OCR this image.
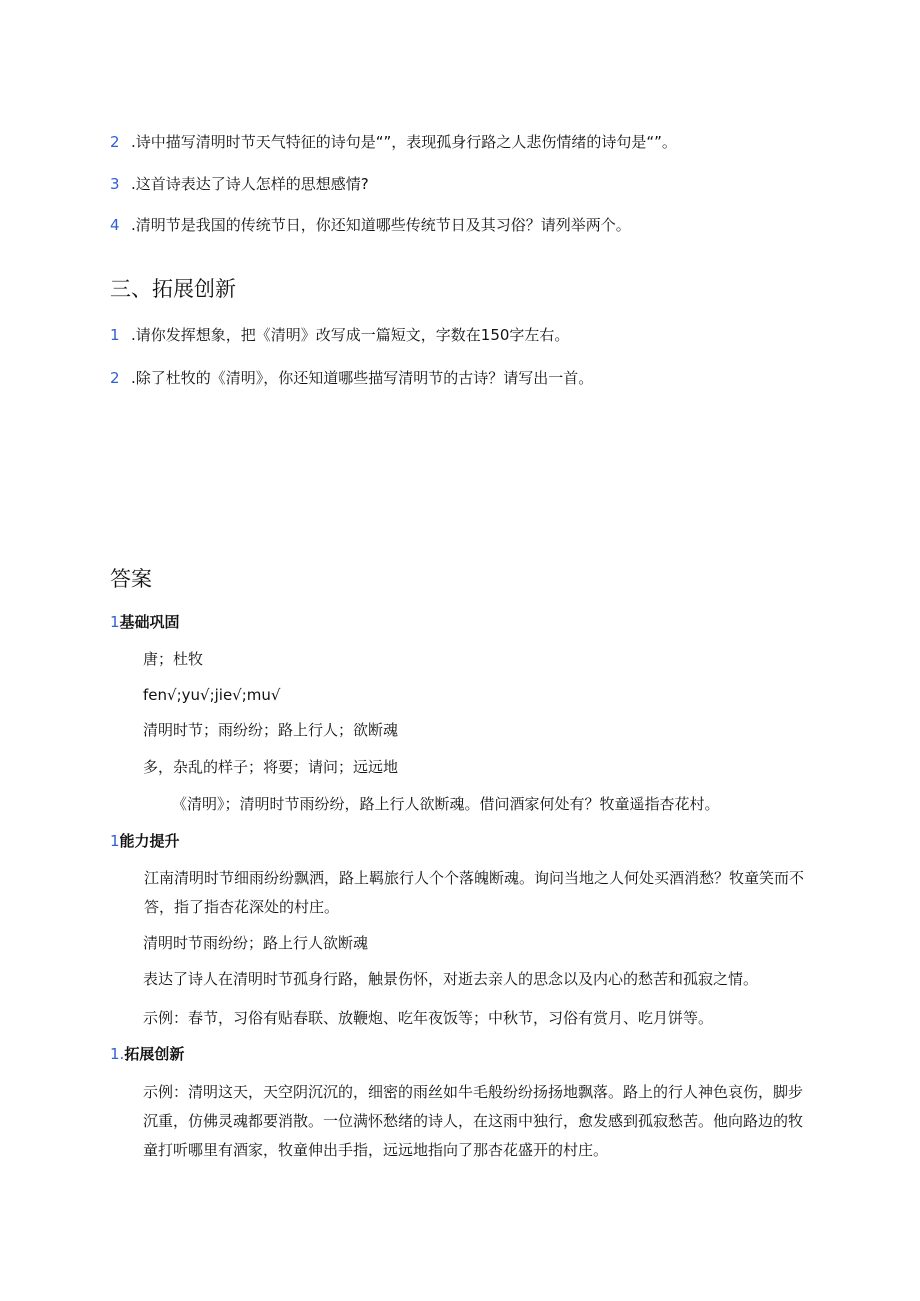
2 .诗中描写清明时节天气特征的诗句是“”，表现孤身行路之人悲伤情绪的诗句是“”。
3 .这首诗表达了诗人怎样的思想感情?
4 .清明节是我国的传统节日，你还知道哪些传统节日及其习俗？请列举两个。
三、拓展创新
1 .请你发挥想象，把《清明》改写成一篇短文，字数在150字左右。
2 .除了杜牧的《清明》，你还知道哪些描写清明节的古诗？请写出一首。
答案
1基础巩固
唐；杜牧
fen√;yu√;jie√;mu√
清明时节；雨纷纷；路上行人；欲断魂
多，杂乱的样子；将要；请问；远远地
《清明》；清明时节雨纷纷，路上行人欲断魂。借问酒家何处有？牧童遥指杏花村。
1能力提升
江南清明时节细雨纷纷飘洒，路上羁旅行人个个落魄断魂。询问当地之人何处买酒消愁？牧童笑而不答，指了指杏花深处的村庄。
清明时节雨纷纷；路上行人欲断魂
表达了诗人在清明时节孤身行路，触景伤怀，对逝去亲人的思念以及内心的愁苦和孤寂之情。
示例：春节，习俗有贴春联、放鞭炮、吃年夜饭等；中秋节，习俗有赏月、吃月饼等。
1.拓展创新
示例：清明这天，天空阴沉沉的，细密的雨丝如牛毛般纷纷扬扬地飘落。路上的行人神色哀伤，脚步沉重，仿佛灵魂都要消散。一位满怀愁绪的诗人，在这雨中独行，愈发感到孤寂愁苦。他向路边的牧童打听哪里有酒家，牧童伸出手指，远远地指向了那杏花盛开的村庄。
